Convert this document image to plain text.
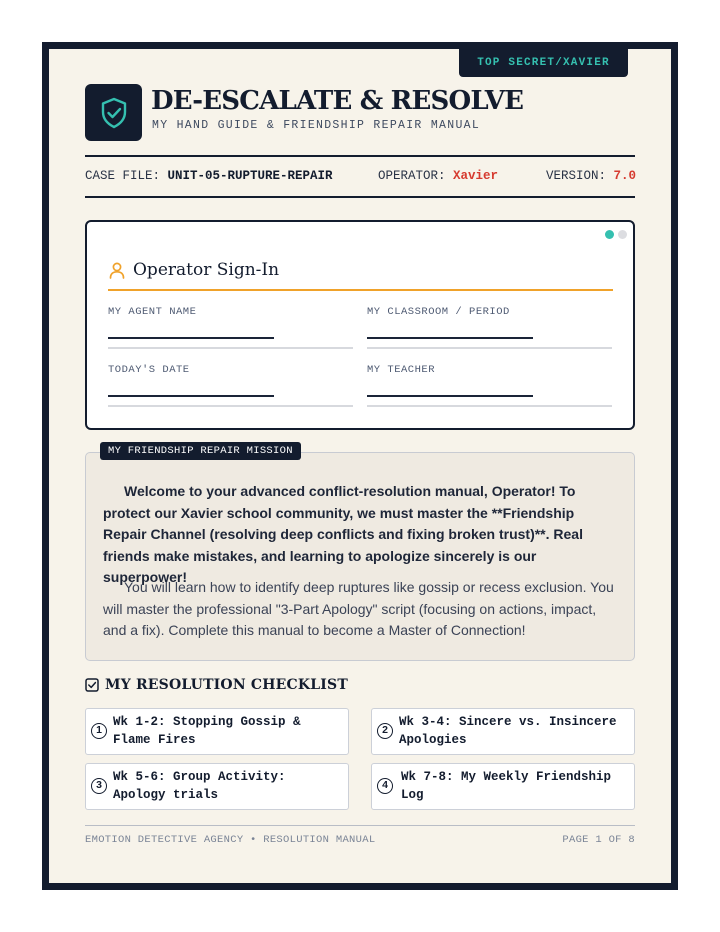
TOP SECRET/XAVIER
DE-ESCALATE & RESOLVE
MY HAND GUIDE & FRIENDSHIP REPAIR MANUAL
CASE FILE: UNIT-05-RUPTURE-REPAIR	OPERATOR: Xavier	VERSION: 7.0
Operator Sign-In
MY AGENT NAME	MY CLASSROOM / PERIOD
TODAY'S DATE	MY TEACHER
MY FRIENDSHIP REPAIR MISSION
Welcome to your advanced conflict-resolution manual, Operator! To protect our Xavier school community, we must master the **Friendship Repair Channel (resolving deep conflicts and fixing broken trust)**. Real friends make mistakes, and learning to apologize sincerely is our superpower!
You will learn how to identify deep ruptures like gossip or recess exclusion. You will master the professional "3-Part Apology" script (focusing on actions, impact, and a fix). Complete this manual to become a Master of Connection!
MY RESOLUTION CHECKLIST
1
Wk 1-2: Stopping Gossip & Flame Fires
2
Wk 3-4: Sincere vs. Insincere Apologies
3
Wk 5-6: Group Activity: Apology trials
4
Wk 7-8: My Weekly Friendship Log
EMOTION DETECTIVE AGENCY • RESOLUTION MANUAL	PAGE 1 OF 8
